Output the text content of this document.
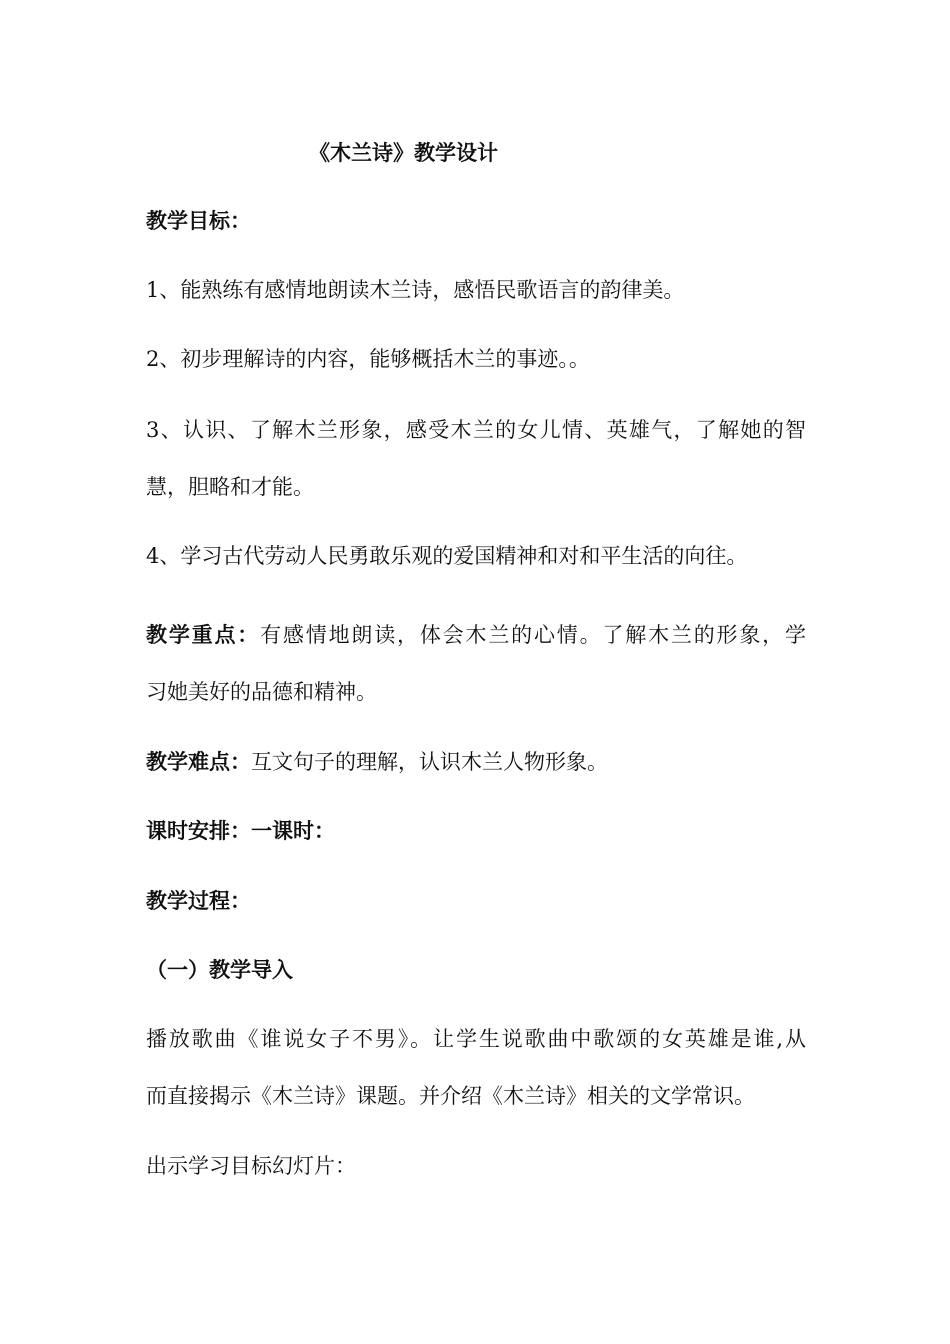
《木兰诗》教学设计
教学目标：
1、能熟练有感情地朗读木兰诗，感悟民歌语言的韵律美。
2、初步理解诗的内容，能够概括木兰的事迹。。
3、认识、了解木兰形象，感受木兰的女儿情、英雄气，了解她的智
慧，胆略和才能。
4、学习古代劳动人民勇敢乐观的爱国精神和对和平生活的向往。
教学重点：有感情地朗读，体会木兰的心情。了解木兰的形象，学
习她美好的品德和精神。
教学难点：互文句子的理解，认识木兰人物形象。
课时安排：一课时：
教学过程：
（一）教学导入
播放歌曲《谁说女子不男》。让学生说歌曲中歌颂的女英雄是谁,从
而直接揭示《木兰诗》课题。并介绍《木兰诗》相关的文学常识。
出示学习目标幻灯片：
